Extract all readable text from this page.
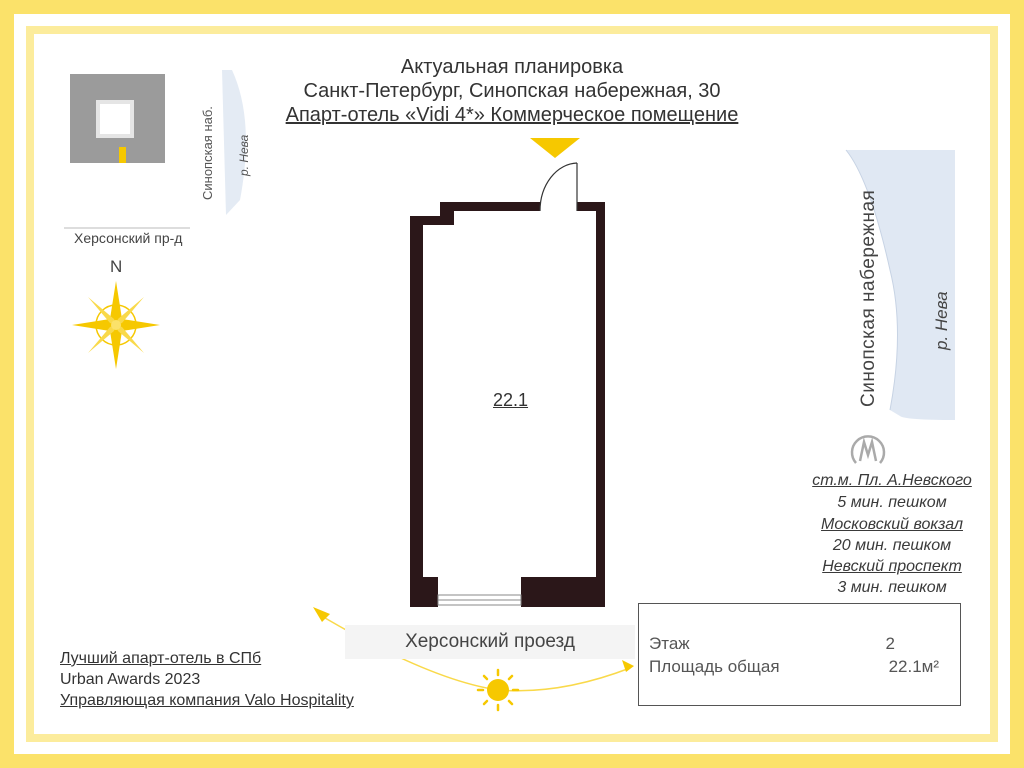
Актуальная планировка
Санкт-Петербург, Синопская набережная, 30
Апарт-отель «Vidi 4*» Коммерческое помещение
Синопская наб. р. Нева
Херсонский пр-д
N
22.1	Синопская набережная	р. Нева
ст.м. Пл. А.Невского
5 мин. пешком
Московский вокзал
20 мин. пешком
Невский проспект
3 мин. пешком
Херсонский проезд
Лучший апарт-отель в СПб
Urban Awards 2023
Управляющая компания Valo Hospitality
Этаж	2
Площадь общая	22.1м²
